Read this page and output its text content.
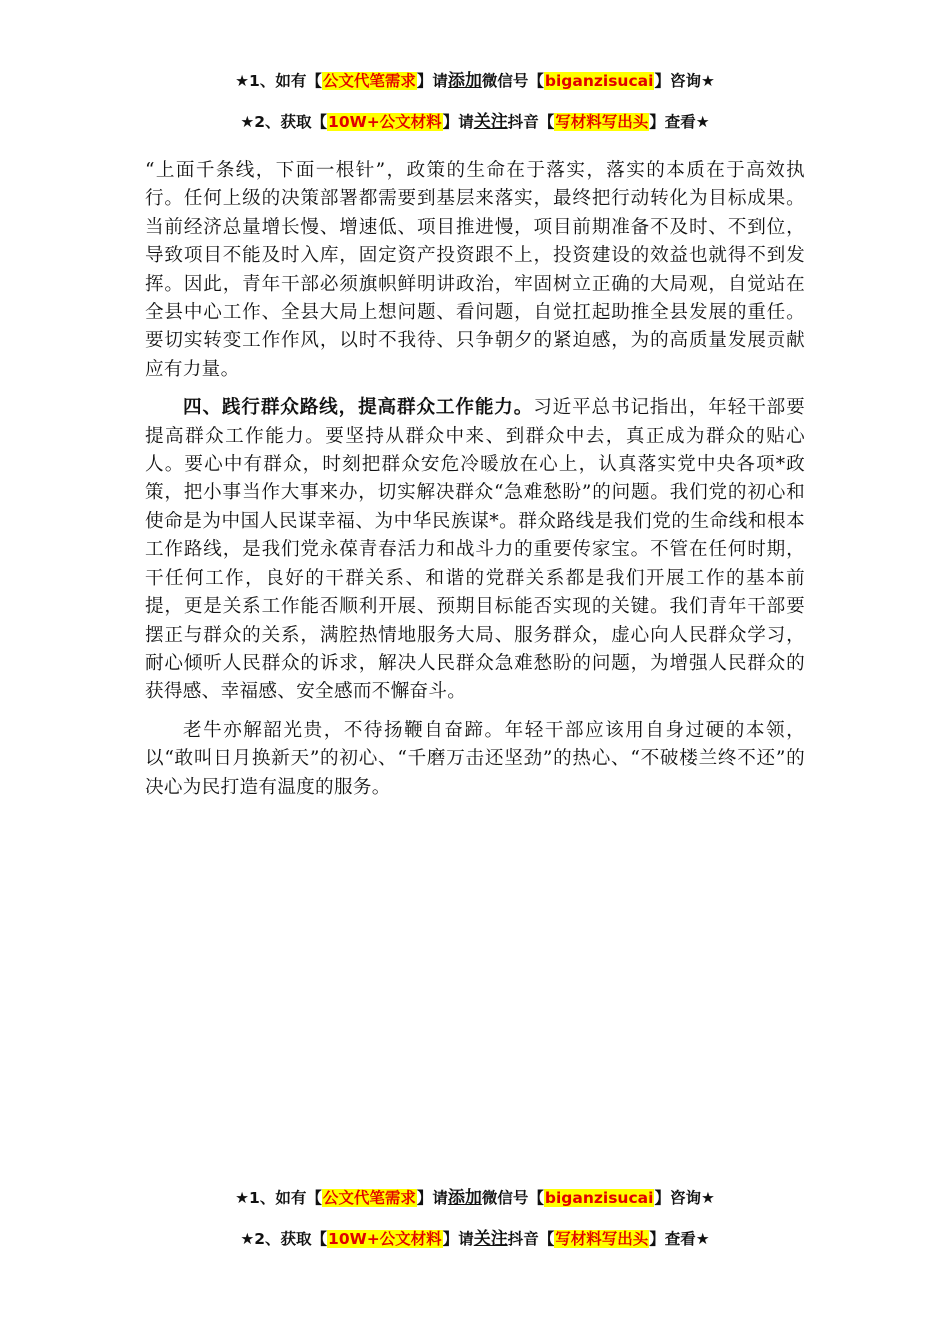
★1、如有【公文代笔需求】请添加微信号【biganzisucai】咨询★
★2、获取【10W+公文材料】请关注抖音【写材料写出头】查看★

“上面千条线，下面一根针”，政策的生命在于落实，落实的本质在于高效执行。任何上级的决策部署都需要到基层来落实，最终把行动转化为目标成果。当前经济总量增长慢、增速低、项目推进慢，项目前期准备不及时、不到位，导致项目不能及时入库，固定资产投资跟不上，投资建设的效益也就得不到发挥。因此，青年干部必须旗帜鲜明讲政治，牢固树立正确的大局观，自觉站在全县中心工作、全县大局上想问题、看问题，自觉扛起助推全县发展的重任。要切实转变工作作风，以时不我待、只争朝夕的紧迫感，为的高质量发展贡献应有力量。

四、践行群众路线，提高群众工作能力。习近平总书记指出，年轻干部要提高群众工作能力。要坚持从群众中来、到群众中去，真正成为群众的贴心人。要心中有群众，时刻把群众安危冷暖放在心上，认真落实党中央各项*政策，把小事当作大事来办，切实解决群众“急难愁盼”的问题。我们党的初心和使命是为中国人民谋幸福、为中华民族谋*。群众路线是我们党的生命线和根本工作路线，是我们党永葆青春活力和战斗力的重要传家宝。不管在任何时期，干任何工作，良好的干群关系、和谐的党群关系都是我们开展工作的基本前提，更是关系工作能否顺利开展、预期目标能否实现的关键。我们青年干部要摆正与群众的关系，满腔热情地服务大局、服务群众，虚心向人民群众学习，耐心倾听人民群众的诉求，解决人民群众急难愁盼的问题，为增强人民群众的获得感、幸福感、安全感而不懈奋斗。

老牛亦解韶光贵，不待扬鞭自奋蹄。年轻干部应该用自身过硬的本领，以“敢叫日月换新天”的初心、“千磨万击还坚劲”的热心、“不破楼兰终不还”的决心为民打造有温度的服务。

★1、如有【公文代笔需求】请添加微信号【biganzisucai】咨询★
★2、获取【10W+公文材料】请关注抖音【写材料写出头】查看★
